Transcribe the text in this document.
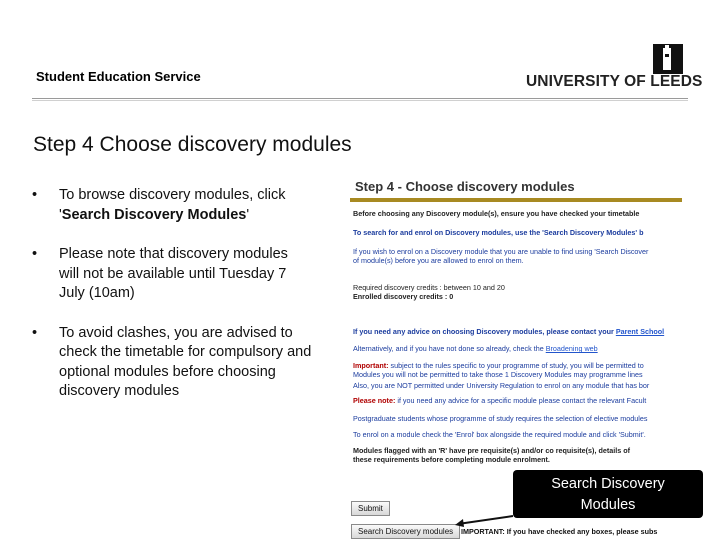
Student Education Service	UNIVERSITY OF LEEDS
Step 4 Choose discovery modules
• To browse discovery modules, click 'Search Discovery Modules'
• Please note that discovery modules will not be available until Tuesday 7 July (10am)
• To avoid clashes, you are advised to check the timetable for compulsory and optional modules before choosing discovery modules
Step 4 - Choose discovery modules
Before choosing any Discovery module(s), ensure you have checked your timetable
To search for and enrol on Discovery modules, use the 'Search Discovery Modules' b
If you wish to enrol on a Discovery module that you are unable to find using 'Search Discover
of module(s) before you are allowed to enrol on them.
Required discovery credits : between 10 and 20
Enrolled discovery credits : 0
If you need any advice on choosing Discovery modules, please contact your Parent School
Alternatively, and if you have not done so already, check the Broadening web
Important: subject to the rules specific to your programme of study, you will be permitted to
Modules you will not be permitted to take those 1 Discovery Modules may programme lines
Also, you are NOT permitted under University Regulation to enrol on any module that has bor
Please note: if you need any advice for a specific module please contact the relevant Facult
Postgraduate students whose programme of study requires the selection of elective modules
To enrol on a module check the 'Enrol' box alongside the required module and click 'Submit'.
Modules flagged with an 'R' have pre requisite(s) and/or co requisite(s), details of
these requirements before completing module enrolment.
Submit
Search Discovery modules	IMPORTANT: If you have checked any boxes, please subs
Search Discovery
Modules
